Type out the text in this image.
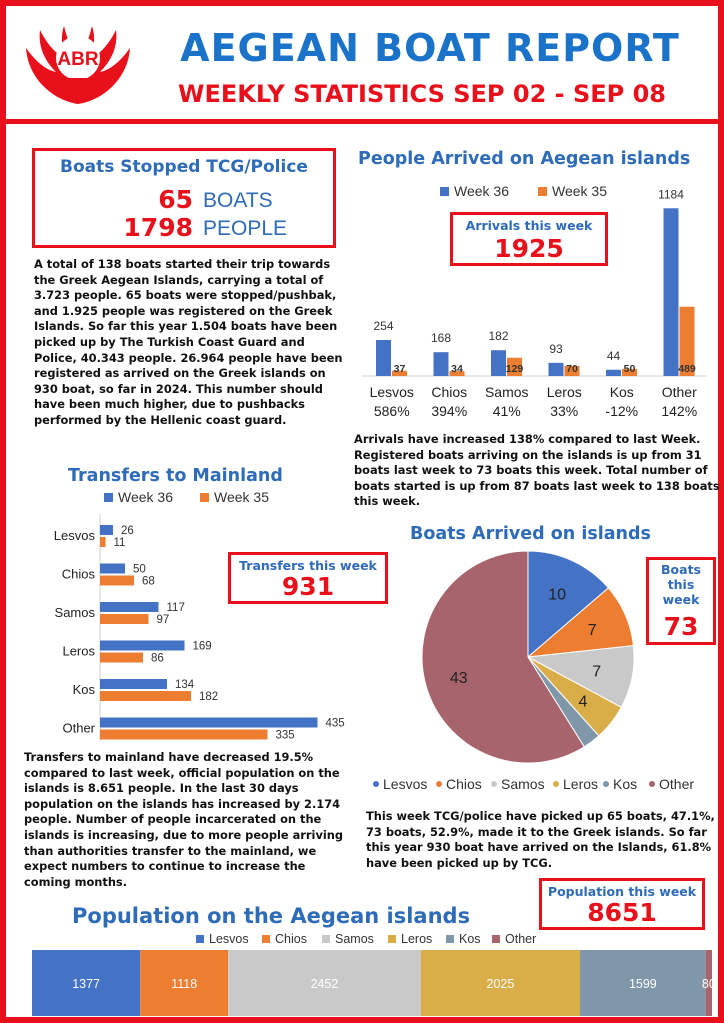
ABR	AEGEAN BOAT REPORT
WEEKLY STATISTICS SEP 02 - SEP 08
Boats Stopped TCG/Police
65 BOATS
1798 PEOPLE
A total of 138 boats started their trip towards the Greek Aegean Islands, carrying a total of 3.723 people. 65 boats were stopped/pushbak, and 1.925 people was registered on the Greek Islands. So far this year 1.504 boats have been picked up by The Turkish Coast Guard and Police, 40.343 people. 26.964 people have been registered as arrived on the Greek islands on 930 boat, so far in 2024. This number should have been much higher, due to pushbacks performed by the Hellenic coast guard.
People Arrived on Aegean islands
Week 36	Week 35
254
37
Lesvos
586%
168
34
Chios
394%
182
129
Samos
41%
93
70
Leros
33%
44
50
Kos
-12%
1184
489
Other
142%
Arrivals this week
1925
Arrivals have increased 138% compared to last Week. Registered boats arriving on the islands is up from 31 boats last week to 73 boats this week. Total number of boats started is up from 87 boats last week to 138 boats this week.
Transfers to Mainland
Week 36	Week 35
26
11
Lesvos
50
68
Chios
117
97
Samos
169
86
Leros
134
182
Kos
435
335
Other
Transfers this week
931
Transfers to mainland have decreased 19.5% compared to last week, official population on the islands is 8.651 people. In the last 30 days population on the islands has increased by 2.174 people. Number of people incarcerated on the islands is increasing, due to more people arriving than authorities transfer to the mainland, we expect numbers to continue to increase the coming months.
Boats Arrived on islands
10
7
7
4
43
Lesvos Chios Samos Leros Kos Other
Boats this week
73
This week TCG/police have picked up 65 boats, 47.1%, 73 boats, 52.9%, made it to the Greek islands. So far this year 930 boat have arrived on the Islands, 61.8% have been picked up by TCG.
Population on the Aegean islands
Population this week
8651
Lesvos Chios Samos Leros Kos Other
1377	1118	2452	2025	1599	80
